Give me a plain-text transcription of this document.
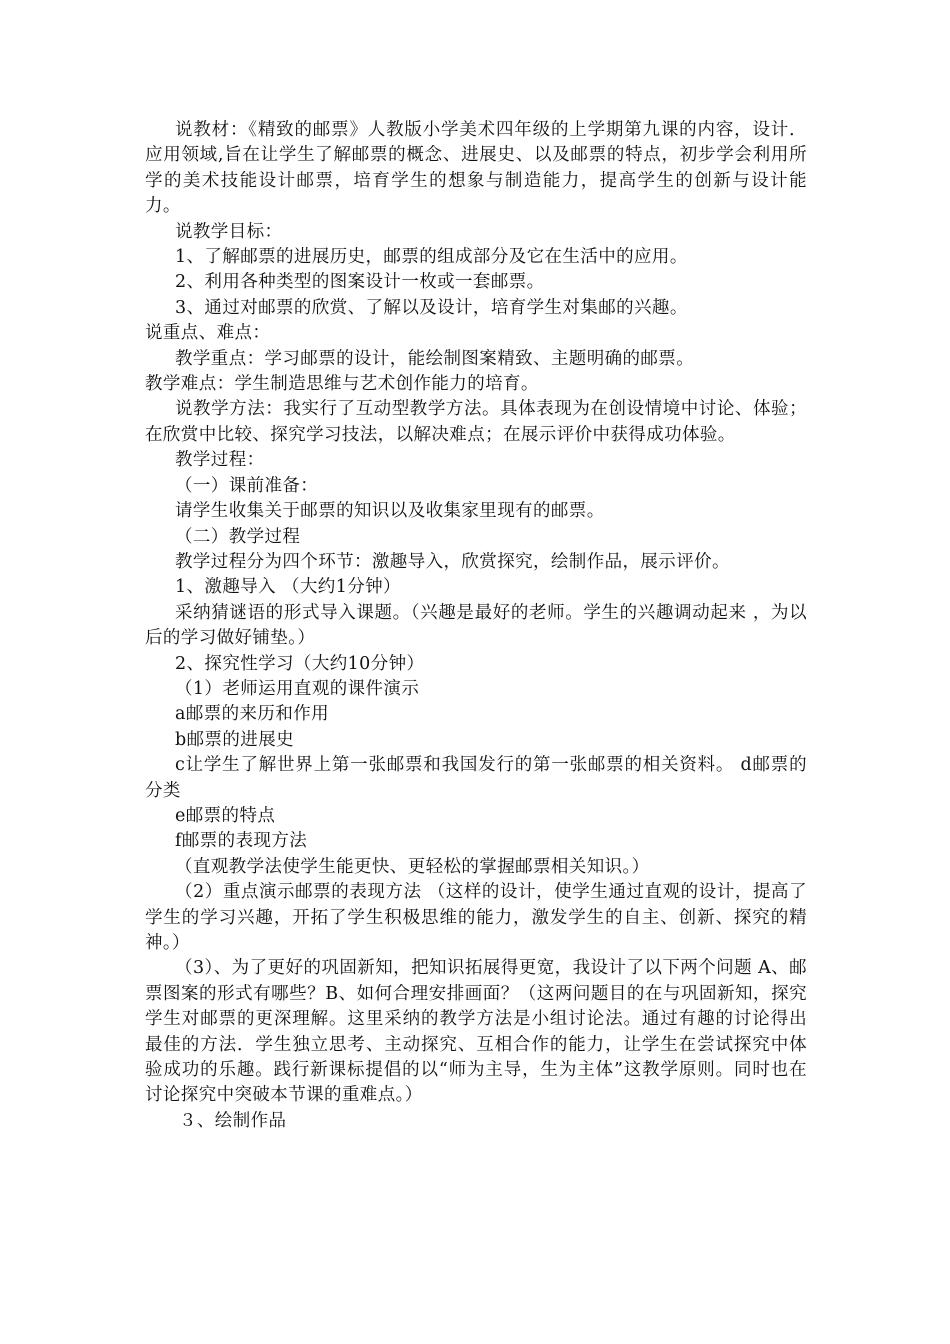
说教材：《精致的邮票》人教版小学美术四年级的上学期第九课的内容，设计．应用领域,旨在让学生了解邮票的概念、进展史、以及邮票的特点，初步学会利用所学的美术技能设计邮票，培育学生的想象与制造能力，提高学生的创新与设计能力。

说教学目标：

1、了解邮票的进展历史，邮票的组成部分及它在生活中的应用。

2、利用各种类型的图案设计一枚或一套邮票。

3、通过对邮票的欣赏、了解以及设计，培育学生对集邮的兴趣。

说重点、难点：

教学重点：学习邮票的设计，能绘制图案精致、主题明确的邮票。

教学难点：学生制造思维与艺术创作能力的培育。

说教学方法：我实行了互动型教学方法。具体表现为在创设情境中讨论、体验；在欣赏中比较、探究学习技法，以解决难点；在展示评价中获得成功体验。

教学过程：

（一）课前准备：

请学生收集关于邮票的知识以及收集家里现有的邮票。

（二）教学过程

教学过程分为四个环节：激趣导入，欣赏探究，绘制作品，展示评价。

1、激趣导入 （大约1分钟）

采纳猜谜语的形式导入课题。（兴趣是最好的老师。学生的兴趣调动起来 ，为以后的学习做好铺垫。）

2、探究性学习（大约10分钟）

（1）老师运用直观的课件演示

a邮票的来历和作用

b邮票的进展史

c让学生了解世界上第一张邮票和我国发行的第一张邮票的相关资料。 d邮票的分类

e邮票的特点

f邮票的表现方法

（直观教学法使学生能更快、更轻松的掌握邮票相关知识。）

（2）重点演示邮票的表现方法 （这样的设计，使学生通过直观的设计，提高了学生的学习兴趣，开拓了学生积极思维的能力，激发学生的自主、创新、探究的精神。）

（3）、为了更好的巩固新知，把知识拓展得更宽，我设计了以下两个问题 A、邮票图案的形式有哪些？B、如何合理安排画面？（这两问题目的在与巩固新知，探究学生对邮票的更深理解。这里采纳的教学方法是小组讨论法。通过有趣的讨论得出最佳的方法．学生独立思考、主动探究、互相合作的能力，让学生在尝试探究中体验成功的乐趣。践行新课标提倡的以“师为主导，生为主体”这教学原则。同时也在讨论探究中突破本节课的重难点。）

３、绘制作品
